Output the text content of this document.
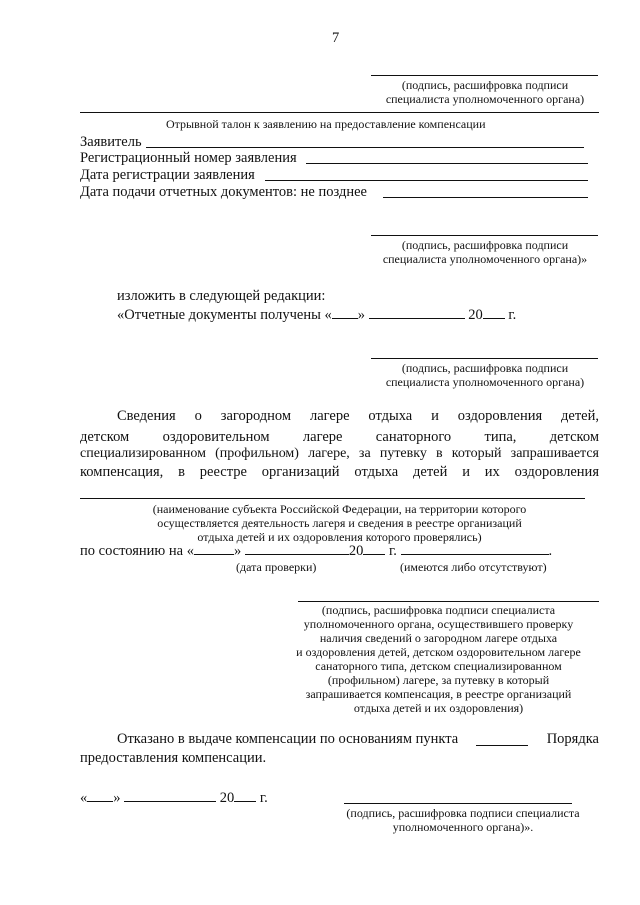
7
(подпись, расшифровка подписи
специалиста уполномоченного органа)
Отрывной талон к заявлению на предоставление компенсации
Заявитель
Регистрационный номер заявления
Дата регистрации заявления
Дата подачи отчетных документов: не позднее
(подпись, расшифровка подписи
специалиста уполномоченного органа)»
изложить в следующей редакции:
«Отчетные документы получены « »	20 г.
(подпись, расшифровка подписи
специалиста уполномоченного органа)
Сведения о загородном лагере отдыха и оздоровления детей,
детском оздоровительном лагере санаторного типа, детском
специализированном (профильном) лагере, за путевку в который запрашивается
компенсация, в реестре организаций отдыха детей и их оздоровления
(наименование субъекта Российской Федерации, на территории которого
осуществляется деятельность лагеря и сведения в реестре организаций
отдыха детей и их оздоровления которого проверялись)
по состоянию на «	»	20 г.	.
(дата проверки)	(имеются либо отсутствуют)
(подпись, расшифровка подписи специалиста
уполномоченного органа, осуществившего проверку
наличия сведений о загородном лагере отдыха
и оздоровления детей, детском оздоровительном лагере
санаторного типа, детском специализированном
(профильном) лагере, за путевку в который
запрашивается компенсация, в реестре организаций
отдыха детей и их оздоровления)
Отказано в выдаче компенсации по основаниям пункта	Порядка
предоставления компенсации.
« »	20 г.
(подпись, расшифровка подписи специалиста
уполномоченного органа)».
